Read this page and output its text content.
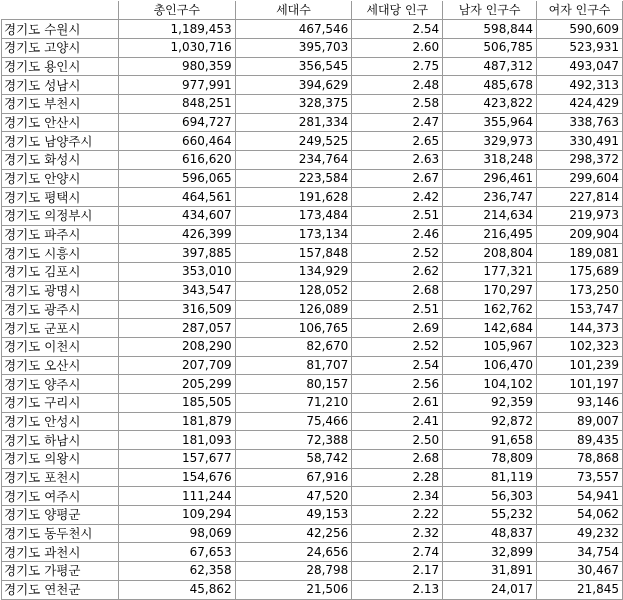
	총인구수	세대수	세대당 인구	남자 인구수	여자 인구수
경기도 수원시	1,189,453	467,546	2.54	598,844	590,609
경기도 고양시	1,030,716	395,703	2.60	506,785	523,931
경기도 용인시	980,359	356,545	2.75	487,312	493,047
경기도 성남시	977,991	394,629	2.48	485,678	492,313
경기도 부천시	848,251	328,375	2.58	423,822	424,429
경기도 안산시	694,727	281,334	2.47	355,964	338,763
경기도 남양주시	660,464	249,525	2.65	329,973	330,491
경기도 화성시	616,620	234,764	2.63	318,248	298,372
경기도 안양시	596,065	223,584	2.67	296,461	299,604
경기도 평택시	464,561	191,628	2.42	236,747	227,814
경기도 의정부시	434,607	173,484	2.51	214,634	219,973
경기도 파주시	426,399	173,134	2.46	216,495	209,904
경기도 시흥시	397,885	157,848	2.52	208,804	189,081
경기도 김포시	353,010	134,929	2.62	177,321	175,689
경기도 광명시	343,547	128,052	2.68	170,297	173,250
경기도 광주시	316,509	126,089	2.51	162,762	153,747
경기도 군포시	287,057	106,765	2.69	142,684	144,373
경기도 이천시	208,290	82,670	2.52	105,967	102,323
경기도 오산시	207,709	81,707	2.54	106,470	101,239
경기도 양주시	205,299	80,157	2.56	104,102	101,197
경기도 구리시	185,505	71,210	2.61	92,359	93,146
경기도 안성시	181,879	75,466	2.41	92,872	89,007
경기도 하남시	181,093	72,388	2.50	91,658	89,435
경기도 의왕시	157,677	58,742	2.68	78,809	78,868
경기도 포천시	154,676	67,916	2.28	81,119	73,557
경기도 여주시	111,244	47,520	2.34	56,303	54,941
경기도 양평군	109,294	49,153	2.22	55,232	54,062
경기도 동두천시	98,069	42,256	2.32	48,837	49,232
경기도 과천시	67,653	24,656	2.74	32,899	34,754
경기도 가평군	62,358	28,798	2.17	31,891	30,467
경기도 연천군	45,862	21,506	2.13	24,017	21,845
